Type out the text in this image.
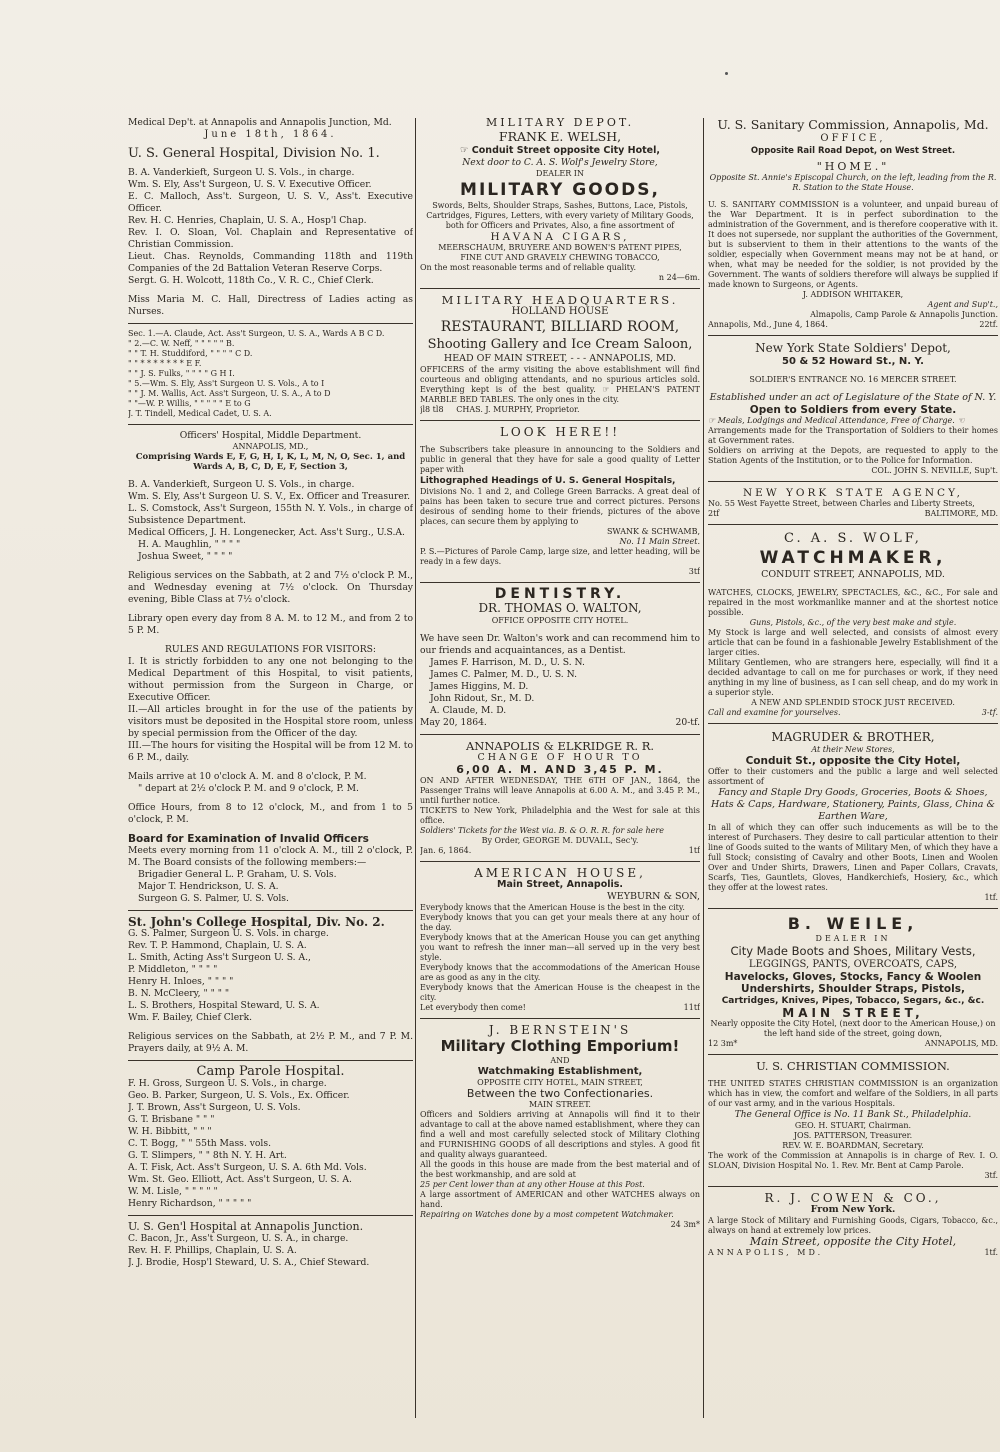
Medical Dep't. at Annapolis and Annapolis Junction, Md.

June 18th, 1864.

U. S. General Hospital, Division No. 1.

B. A. Vanderkieft, Surgeon U. S. Vols., in charge.

Wm. S. Ely, Ass't Surgeon, U. S. V. Executive Officer.

E. C. Malloch, Ass't. Surgeon, U. S. V., Ass't. Executive Officer.

Rev. H. C. Henries, Chaplain, U. S. A., Hosp'l Chap.

Rev. I. O. Sloan, Vol. Chaplain and Representative of Christian Commission.

Lieut. Chas. Reynolds, Commanding 118th and 119th Companies of the 2d Battalion Veteran Reserve Corps.

Sergt. G. H. Wolcott, 118th Co., V. R. C., Chief Clerk.

Miss Maria M. C. Hall, Directress of Ladies acting as Nurses.

Sec. 1.—A. Claude, Act. Ass't Surgeon, U. S. A., Wards A B C D.

" 2.—C. W. Neff, " " " " " B.

" " T. H. Studdiford, " " " " C D.

" " * * * * * * * E F.

" " J. S. Fulks, " " " " G H I.

" 5.—Wm. S. Ely, Ass't Surgeon U. S. Vols., A to I

" " J. M. Wallis, Act. Ass't Surgeon, U. S. A., A to D

" "—W. P. Willis, " " " " " E to G

J. T. Tindell, Medical Cadet, U. S. A.

Officers' Hospital, Middle Department.

ANNAPOLIS, MD.,

Comprising Wards E, F, G, H, I, K, L, M, N, O, Sec. 1, and Wards A, B, C, D, E, F, Section 3,

B. A. Vanderkieft, Surgeon U. S. Vols., in charge.

Wm. S. Ely, Ass't Surgeon U. S. V., Ex. Officer and Treasurer.

L. S. Comstock, Ass't Surgeon, 155th N. Y. Vols., in charge of Subsistence Department.

Medical Officers, J. H. Longenecker, Act. Ass't Surg., U.S.A.

H. A. Maughlin, " " " "

Joshua Sweet, " " " "

Religious services on the Sabbath, at 2 and 7½ o'clock P. M., and Wednesday evening at 7½ o'clock. On Thursday evening, Bible Class at 7½ o'clock.

Library open every day from 8 A. M. to 12 M., and from 2 to 5 P. M.

RULES AND REGULATIONS FOR VISITORS:

I. It is strictly forbidden to any one not belonging to the Medical Department of this Hospital, to visit patients, without permission from the Surgeon in Charge, or Executive Officer.

II.—All articles brought in for the use of the patients by visitors must be deposited in the Hospital store room, unless by special permission from the Officer of the day.

III.—The hours for visiting the Hospital will be from 12 M. to 6 P. M., daily.

Mails arrive at 10 o'clock A. M. and 8 o'clock, P. M.

" depart at 2½ o'clock P. M. and 9 o'clock, P. M.

Office Hours, from 8 to 12 o'clock, M., and from 1 to 5 o'clock, P. M.

Board for Examination of Invalid Officers

Meets every morning from 11 o'clock A. M., till 2 o'clock, P. M. The Board consists of the following members:—

Brigadier General L. P. Graham, U. S. Vols.

Major T. Hendrickson, U. S. A.

Surgeon G. S. Palmer, U. S. Vols.

St. John's College Hospital, Div. No. 2.

G. S. Palmer, Surgeon U. S. Vols. in charge.

Rev. T. P. Hammond, Chaplain, U. S. A.

L. Smith, Acting Ass't Surgeon U. S. A.,

P. Middleton, " " " "

Henry H. Inloes, " " " "

B. N. McCleery, " " " "

L. S. Brothers, Hospital Steward, U. S. A.

Wm. F. Bailey, Chief Clerk.

Religious services on the Sabbath, at 2½ P. M., and 7 P. M. Prayers daily, at 9½ A. M.

Camp Parole Hospital.

F. H. Gross, Surgeon U. S. Vols., in charge.

Geo. B. Parker, Surgeon, U. S. Vols., Ex. Officer.

J. T. Brown, Ass't Surgeon, U. S. Vols.

G. T. Brisbane " " "

W. H. Bibbitt, " " "

C. T. Bogg, " " 55th Mass. vols.

G. T. Slimpers, " " 8th N. Y. H. Art.

A. T. Fisk, Act. Ass't Surgeon, U. S. A. 6th Md. Vols.

Wm. St. Geo. Elliott, Act. Ass't Surgeon, U. S. A.

W. M. Lisle, " " " " "

Henry Richardson, " " " " "

U. S. Gen'l Hospital at Annapolis Junction.

C. Bacon, Jr., Ass't Surgeon, U. S. A., in charge.

Rev. H. F. Phillips, Chaplain, U. S. A.

J. J. Brodie, Hosp'l Steward, U. S. A., Chief Steward.

MILITARY DEPOT.

FRANK E. WELSH,

☞ Conduit Street opposite City Hotel,

Next door to C. A. S. Wolf's Jewelry Store,

DEALER IN

MILITARY GOODS,

Swords, Belts, Shoulder Straps, Sashes, Buttons, Lace, Pistols, Cartridges, Figures, Letters, with every variety of Military Goods, both for Officers and Privates, Also, a fine assortment of

HAVANA CIGARS,

MEERSCHAUM, BRUYERE AND BOWEN'S PATENT PIPES,

FINE CUT AND GRAVELY CHEWING TOBACCO,

On the most reasonable terms and of reliable quality.

n 24—6m.

MILITARY HEADQUARTERS.

HOLLAND HOUSE

RESTAURANT, BILLIARD ROOM,

Shooting Gallery and Ice Cream Saloon,

HEAD OF MAIN STREET, - - - ANNAPOLIS, MD.

OFFICERS of the army visiting the above establishment will find courteous and obliging attendants, and no spurious articles sold. Everything kept is of the best quality. ☞ PHELAN'S PATENT MARBLE BED TABLES. The only ones in the city.

jl8 tl8 CHAS. J. MURPHY, Proprietor.

LOOK HERE!!

The Subscribers take pleasure in announcing to the Soldiers and public in general that they have for sale a good quality of Letter paper with

Lithographed Headings of U. S. General Hospitals,

Divisions No. 1 and 2, and College Green Barracks. A great deal of pains has been taken to secure true and correct pictures. Persons desirous of sending home to their friends, pictures of the above places, can secure them by applying to

SWANK & SCHWAMB,

No. 11 Main Street.

P. S.—Pictures of Parole Camp, large size, and letter heading, will be ready in a few days.

3tf

DENTISTRY.

DR. THOMAS O. WALTON,

OFFICE OPPOSITE CITY HOTEL.

We have seen Dr. Walton's work and can recommend him to our friends and acquaintances, as a Dentist.

James F. Harrison, M. D., U. S. N.

James C. Palmer, M. D., U. S. N.

James Higgins, M. D.

John Ridout, Sr., M. D.

A. Claude, M. D.

May 20, 1864.	20-tf.

ANNAPOLIS & ELKRIDGE R. R.

CHANGE OF HOUR TO

6,00 A. M. AND 3,45 P. M.

ON AND AFTER WEDNESDAY, THE 6TH OF JAN., 1864, the Passenger Trains will leave Annapolis at 6.00 A. M., and 3.45 P. M., until further notice.

TICKETS to New York, Philadelphia and the West for sale at this office.

Soldiers' Tickets for the West via. B. & O. R. R. for sale here

By Order, GEORGE M. DUVALL, Sec'y.

Jan. 6, 1864.	1tf

AMERICAN HOUSE,

Main Street, Annapolis.

WEYBURN & SON,

Everybody knows that the American House is the best in the city.

Everybody knows that you can get your meals there at any hour of the day.

Everybody knows that at the American House you can get anything you want to refresh the inner man—all served up in the very best style.

Everybody knows that the accommodations of the American House are as good as any in the city.

Everybody knows that the American House is the cheapest in the city.

Let everybody then come!	11tf

J. BERNSTEIN'S

Military Clothing Emporium!

AND

Watchmaking Establishment,

OPPOSITE CITY HOTEL, MAIN STREET,

Between the two Confectionaries.

MAIN STREET.

Officers and Soldiers arriving at Annapolis will find it to their advantage to call at the above named establishment, where they can find a well and most carefully selected stock of Military Clothing and FURNISHING GOODS of all descriptions and styles. A good fit and quality always guaranteed.

All the goods in this house are made from the best material and of the best workmanship, and are sold at

25 per Cent lower than at any other House at this Post.

A large assortment of AMERICAN and other WATCHES always on hand.

Repairing on Watches done by a most competent Watchmaker.

24 3m*

U. S. Sanitary Commission, Annapolis, Md.

OFFICE,

Opposite Rail Road Depot, on West Street.

"HOME."

Opposite St. Annie's Episcopal Church, on the left, leading from the R. R. Station to the State House.

U. S. SANITARY COMMISSION is a volunteer, and unpaid bureau of the War Department. It is in perfect subordination to the administration of the Government, and is therefore cooperative with it. It does not supersede, nor supplant the authorities of the Government, but is subservient to them in their attentions to the wants of the soldier, especially when Government means may not be at hand, or when, what may be needed for the soldier, is not provided by the Government. The wants of soldiers therefore will always be supplied if made known to Surgeons, or Agents.

J. ADDISON WHITAKER,

Agent and Sup't.,

Almapolis, Camp Parole & Annapolis Junction.

Annapolis, Md., June 4, 1864.	22tf.

New York State Soldiers' Depot,

50 & 52 Howard St., N. Y.

SOLDIER'S ENTRANCE NO. 16 MERCER STREET.

Established under an act of Legislature of the State of N. Y.

Open to Soldiers from every State.

☞ Meals, Lodgings and Medical Attendance, Free of Charge. ☜

Arrangements made for the Transportation of Soldiers to their homes at Government rates.

Soldiers on arriving at the Depots, are requested to apply to the Station Agents of the Institution, or to the Police for Information.

COL. JOHN S. NEVILLE, Sup't.

NEW YORK STATE AGENCY,

No. 55 West Fayette Street, between Charles and Liberty Streets,

2tf	BALTIMORE, MD.

C. A. S. WOLF,

WATCHMAKER,

CONDUIT STREET, ANNAPOLIS, MD.

WATCHES, CLOCKS, JEWELRY, SPECTACLES, &C., &C., For sale and repaired in the most workmanlike manner and at the shortest notice possible.

Guns, Pistols, &c., of the very best make and style.

My Stock is large and well selected, and consists of almost every article that can be found in a fashionable Jewelry Establishment of the larger cities.

Military Gentlemen, who are strangers here, especially, will find it a decided advantage to call on me for purchases or work, if they need anything in my line of business, as I can sell cheap, and do my work in a superior style.

A NEW AND SPLENDID STOCK JUST RECEIVED.

Call and examine for yourselves.	3-tf.

MAGRUDER & BROTHER,

At their New Stores,

Conduit St., opposite the City Hotel,

Offer to their customers and the public a large and well selected assortment of

Fancy and Staple Dry Goods, Groceries, Boots & Shoes, Hats & Caps, Hardware, Stationery, Paints, Glass, China & Earthen Ware,

In all of which they can offer such inducements as will be to the interest of Purchasers. They desire to call particular attention to their line of Goods suited to the wants of Military Men, of which they have a full Stock; consisting of Cavalry and other Boots, Linen and Woolen Over and Under Shirts, Drawers, Linen and Paper Collars, Cravats, Scarfs, Ties, Gauntlets, Gloves, Handkerchiefs, Hosiery, &c., which they offer at the lowest rates.

1tf.

B. WEILE,

DEALER IN

City Made Boots and Shoes, Military Vests,

LEGGINGS, PANTS, OVERCOATS, CAPS,

Havelocks, Gloves, Stocks, Fancy & Woolen

Undershirts, Shoulder Straps, Pistols,

Cartridges, Knives, Pipes, Tobacco, Segars, &c., &c.

MAIN STREET,

Nearly opposite the City Hotel, (next door to the American House,) on the left hand side of the street, going down,

12 3m*	ANNAPOLIS, MD.

U. S. CHRISTIAN COMMISSION.

THE UNITED STATES CHRISTIAN COMMISSION is an organization which has in view, the comfort and welfare of the Soldiers, in all parts of our vast army, and in the various Hospitals.

The General Office is No. 11 Bank St., Philadelphia.

GEO. H. STUART, Chairman.

JOS. PATTERSON, Treasurer.

REV. W. E. BOARDMAN, Secretary.

The work of the Commission at Annapolis is in charge of Rev. I. O. SLOAN, Division Hospital No. 1. Rev. Mr. Bent at Camp Parole.

3tf.

R. J. COWEN & CO.,

From New York.

A large Stock of Military and Furnishing Goods, Cigars, Tobacco, &c., always on hand at extremely low prices.

Main Street, opposite the City Hotel,

ANNAPOLIS, MD.	1tf.
